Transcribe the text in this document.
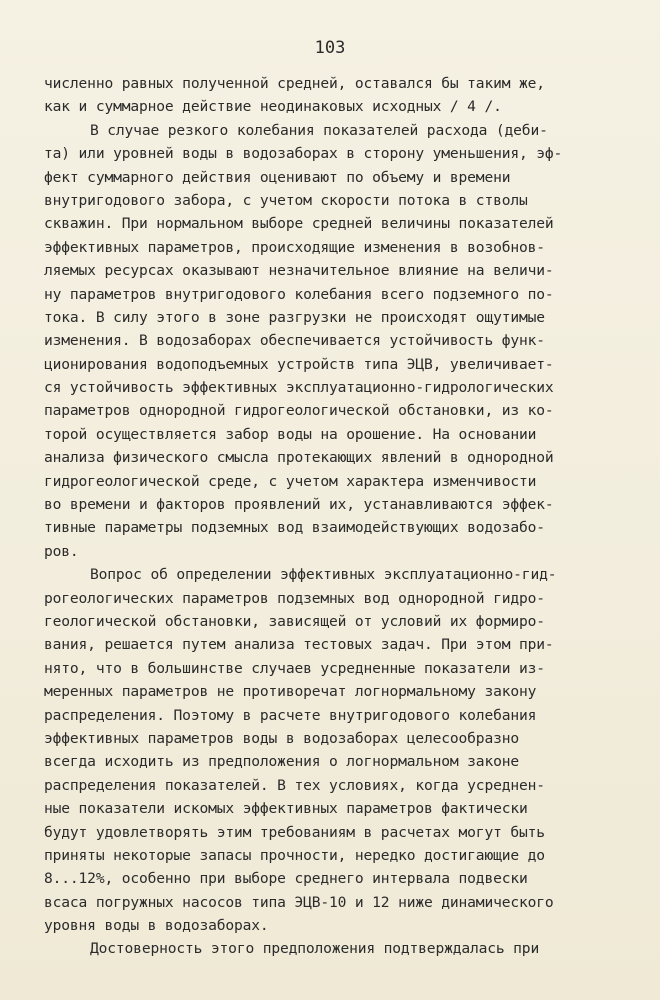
103
численно равных полученной средней, оставался бы таким же,
как и суммарное действие неодинаковых исходных / 4 /.
В случае резкого колебания показателей расхода (деби-
та) или уровней воды в водозаборах в сторону уменьшения, эф-
фект суммарного действия оценивают по объему и времени
внутригодового забора, с учетом скорости потока в стволы
скважин. При нормальном выборе средней величины показателей
эффективных параметров, происходящие изменения в возобнов-
ляемых ресурсах оказывают незначительное влияние на величи-
ну параметров внутригодового колебания всего подземного по-
тока. В силу этого в зоне разгрузки не происходят ощутимые
изменения. В водозаборах обеспечивается устойчивость функ-
ционирования водоподъемных устройств типа ЭЦВ, увеличивает-
ся устойчивость эффективных эксплуатационно-гидрологических
параметров однородной гидрогеологической обстановки, из ко-
торой осуществляется забор воды на орошение. На основании
анализа физического смысла протекающих явлений в однородной
гидрогеологической среде, с учетом характера изменчивости
во времени и факторов проявлений их, устанавливаются эффек-
тивные параметры подземных вод взаимодействующих водозабо-
ров.
Вопрос об определении эффективных эксплуатационно-гид-
рогеологических параметров подземных вод однородной гидро-
геологической обстановки, зависящей от условий их формиро-
вания, решается путем анализа тестовых задач. При этом при-
нято, что в большинстве случаев усредненные показатели из-
меренных параметров не противоречат логнормальному закону
распределения. Поэтому в расчете внутригодового колебания
эффективных параметров воды в водозаборах целесообразно
всегда исходить из предположения о логнормальном законе
распределения показателей. В тех условиях, когда усреднен-
ные показатели искомых эффективных параметров фактически
будут удовлетворять этим требованиям в расчетах могут быть
приняты некоторые запасы прочности, нередко достигающие до
8...12%, особенно при выборе среднего интервала подвески
всаса погружных насосов типа ЭЦВ-10 и 12 ниже динамического
уровня воды в водозаборах.
Достоверность этого предположения подтверждалась при
